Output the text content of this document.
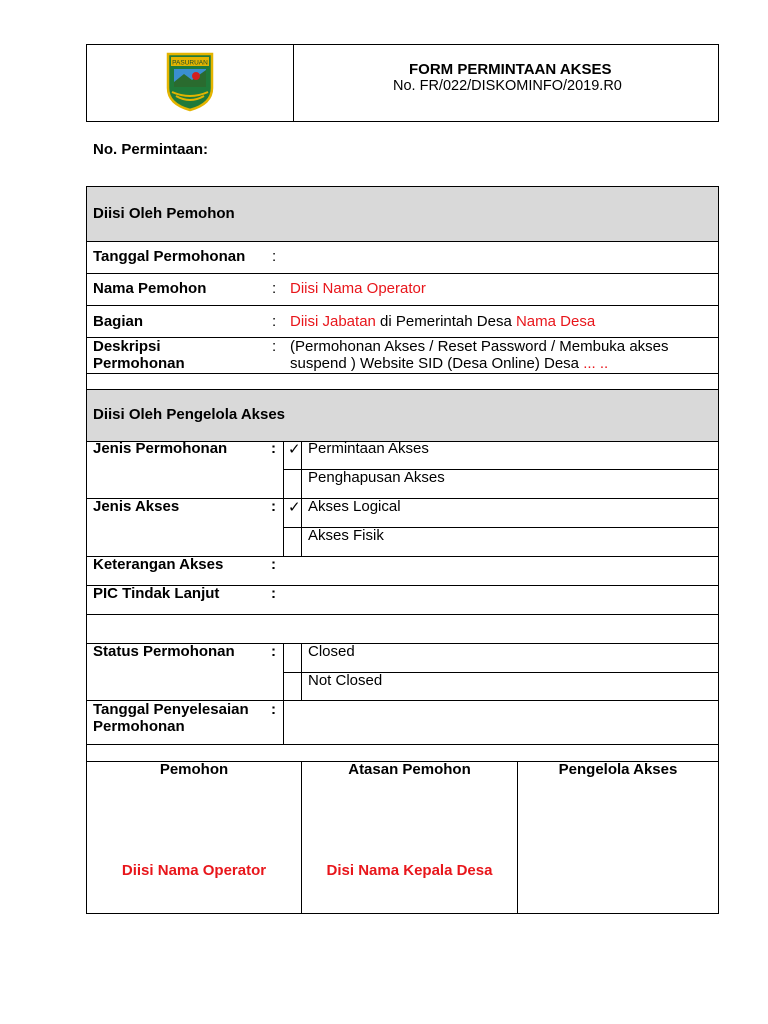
PASURUAN	FORM PERMINTAAN AKSES
No. FR/022/DISKOMINFO/2019.R0
No. Permintaan:
Diisi Oleh Pemohon
Tanggal Permohonan :
Nama Pemohon	: Diisi Nama Operator
Bagian	: Diisi Jabatan di Pemerintah Desa Nama Desa
Deskripsi
Permohonan
: (Permohonan Akses / Reset Password / Membuka akses
suspend ) Website SID (Desa Online) Desa ... ..
Diisi Oleh Pengelola Akses
Jenis Permohonan	: ✓ Permintaan Akses
Penghapusan Akses
Jenis Akses	: ✓ Akses Logical
Akses Fisik
Keterangan Akses	:
PIC Tindak Lanjut	:
Status Permohonan : Closed
Not Closed
Tanggal Penyelesaian
Permohonan
:
Pemohon	Atasan Pemohon	Pengelola Akses
Diisi Nama Operator	Disi Nama Kepala Desa
